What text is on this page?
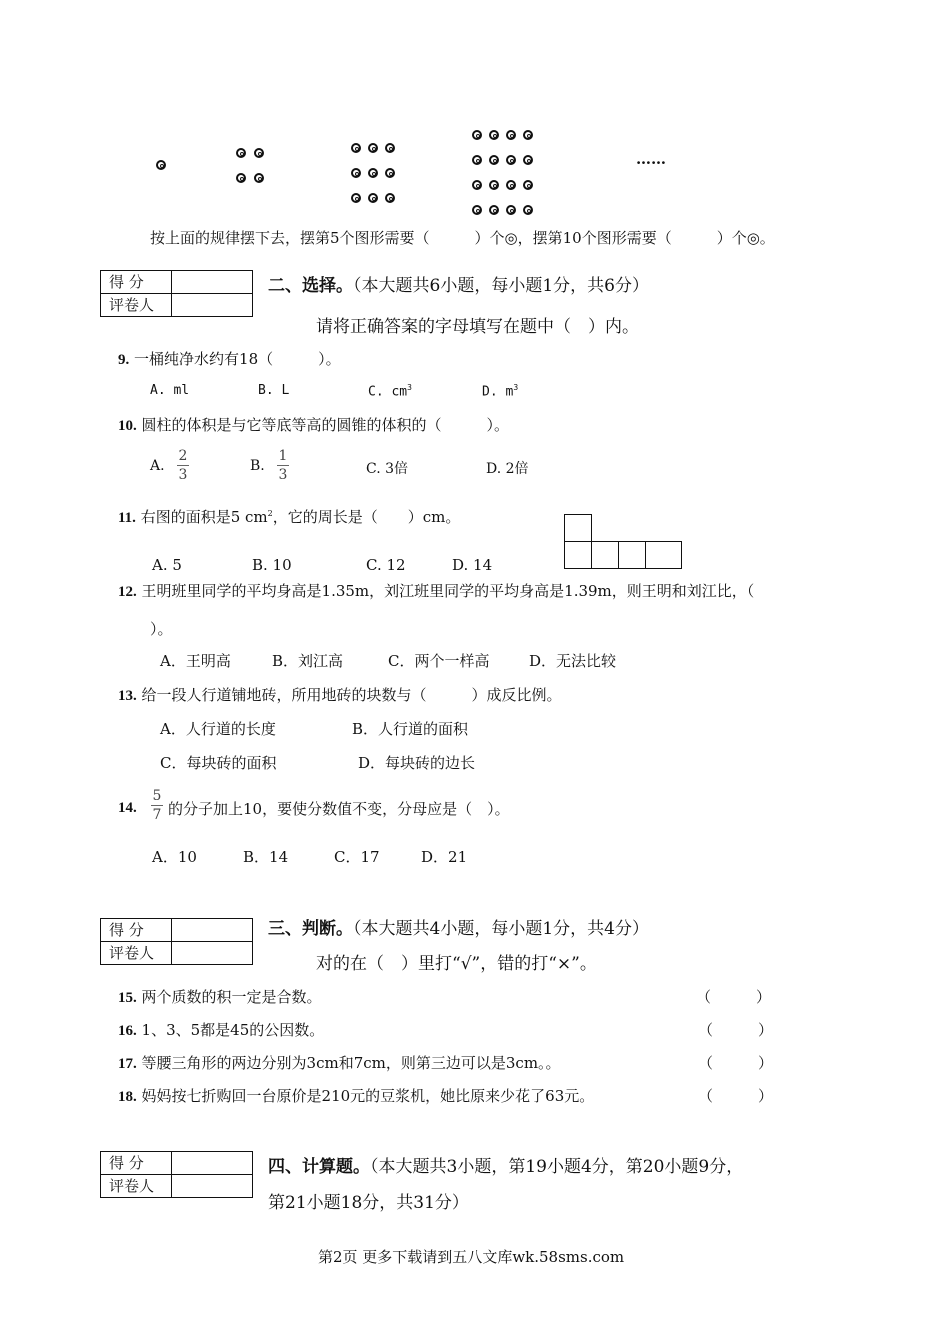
……
按上面的规律摆下去，摆第5个图形需要（　　　）个◎，摆第10个图形需要（　　　）个◎。
得 分	
评卷人	
二、选择。（本大题共6小题，每小题1分，共6分）
请将正确答案的字母填写在题中（　）内。
9. 一桶纯净水约有18（　　　）。
A. ml	B. L	C. $cm^3$	D. $m^3$
10. 圆柱的体积是与它等底等高的圆锥的体积的（　　　）。
A.
2
3
B.
1
3	C. 3倍	D. 2倍
11. 右图的面积是5 $cm^2$，它的周长是（　　）cm。
A. 5	B. 10	C. 12	D. 14
12. 王明班里同学的平均身高是1.35m，刘江班里同学的平均身高是1.39m，则王明和刘江比，（
）。
A．王明高	B．刘江高	C．两个一样高	D．无法比较
13. 给一段人行道铺地砖，所用地砖的块数与（　　　）成反比例。
A．人行道的长度	B．人行道的面积
C．每块砖的面积	D．每块砖的边长
14.
5
7 的分子加上10，要使分数值不变，分母应是（　）。
A．10	B．14	C．17	D．21
得 分	
评卷人	
三、判断。（本大题共4小题，每小题1分，共4分）
对的在（　）里打“√”，错的打“×”。
15. 两个质数的积一定是合数。	（　　　）
16. 1、3、5都是45的公因数。	（　　　）
17. 等腰三角形的两边分别为3cm和7cm，则第三边可以是3cm。。	（　　　）
18. 妈妈按七折购回一台原价是210元的豆浆机，她比原来少花了63元。	（　　　）
得 分	
评卷人	
四、计算题。（本大题共3小题，第19小题4分，第20小题9分，
第21小题18分，共31分）
第2页 更多下载请到五八文库wk.58sms.com
